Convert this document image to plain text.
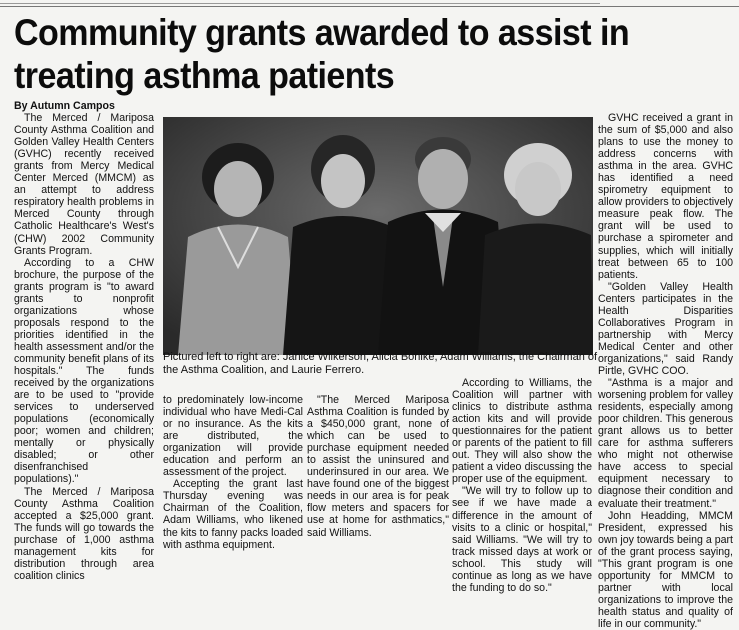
Community grants awarded to assist in treating asthma patients

By Autumn Campos

The Merced / Mariposa County Asthma Coalition and Golden Valley Health Centers (GVHC) recently received grants from Mercy Medical Center Merced (MMCM) as an attempt to address respiratory health problems in Merced County through Catholic Healthcare's West's (CHW) 2002 Community Grants Program.

According to a CHW brochure, the purpose of the grants program is "to award grants to nonprofit organizations whose proposals respond to the priorities identified in the health assessment and/or the community benefit plans of its hospitals." The funds received by the organizations are to be used to "provide services to underserved populations (economically poor; women and children; mentally or physically disabled; or other disenfranchised populations)."

The Merced / Mariposa County Asthma Coalition accepted a $25,000 grant. The funds will go towards the purchase of 1,000 asthma management kits for distribution through area coalition clinics

Pictured left to right are: Janice Wilkerson, Alicia Bohlke, Adam Williams, the Chairman of the Asthma Coalition, and Laurie Ferrero.

to predominately low-income individual who have Medi-Cal or no insurance. As the kits are distributed, the organization will provide education and perform an assessment of the project.

Accepting the grant last Thursday evening was Chairman of the Coalition, Adam Williams, who likened the kits to fanny packs loaded with asthma equipment.

"The Merced Mariposa Asthma Coalition is funded by a $450,000 grant, none of which can be used to purchase equipment needed to assist the uninsured and underinsured in our area. We have found one of the biggest needs in our area is for peak flow meters and spacers for use at home for asthmatics," said Williams.

According to Williams, the Coalition will partner with clinics to distribute asthma action kits and will provide questionnaires for the patient or parents of the patient to fill out. They will also show the patient a video discussing the proper use of the equipment.

"We will try to follow up to see if we have made a difference in the amount of visits to a clinic or hospital," said Williams. "We will try to track missed days at work or school. This study will continue as long as we have the funding to do so."

GVHC received a grant in the sum of $5,000 and also plans to use the money to address concerns with asthma in the area. GVHC has identified a need spirometry equipment to allow providers to objectively measure peak flow. The grant will be used to purchase a spirometer and supplies, which will initially treat between 65 to 100 patients.

"Golden Valley Health Centers participates in the Health Disparities Collaboratives Program in partnership with Mercy Medical Center and other organizations," said Randy Pirtle, GVHC COO.

"Asthma is a major and worsening problem for valley residents, especially among poor children. This generous grant allows us to better care for asthma sufferers who might not otherwise have access to special equipment necessary to diagnose their condition and evaluate their treatment."

John Headding, MMCM President, expressed his own joy towards being a part of the grant process saying, "This grant program is one opportunity for MMCM to partner with local organizations to improve the health status and quality of life in our community."
